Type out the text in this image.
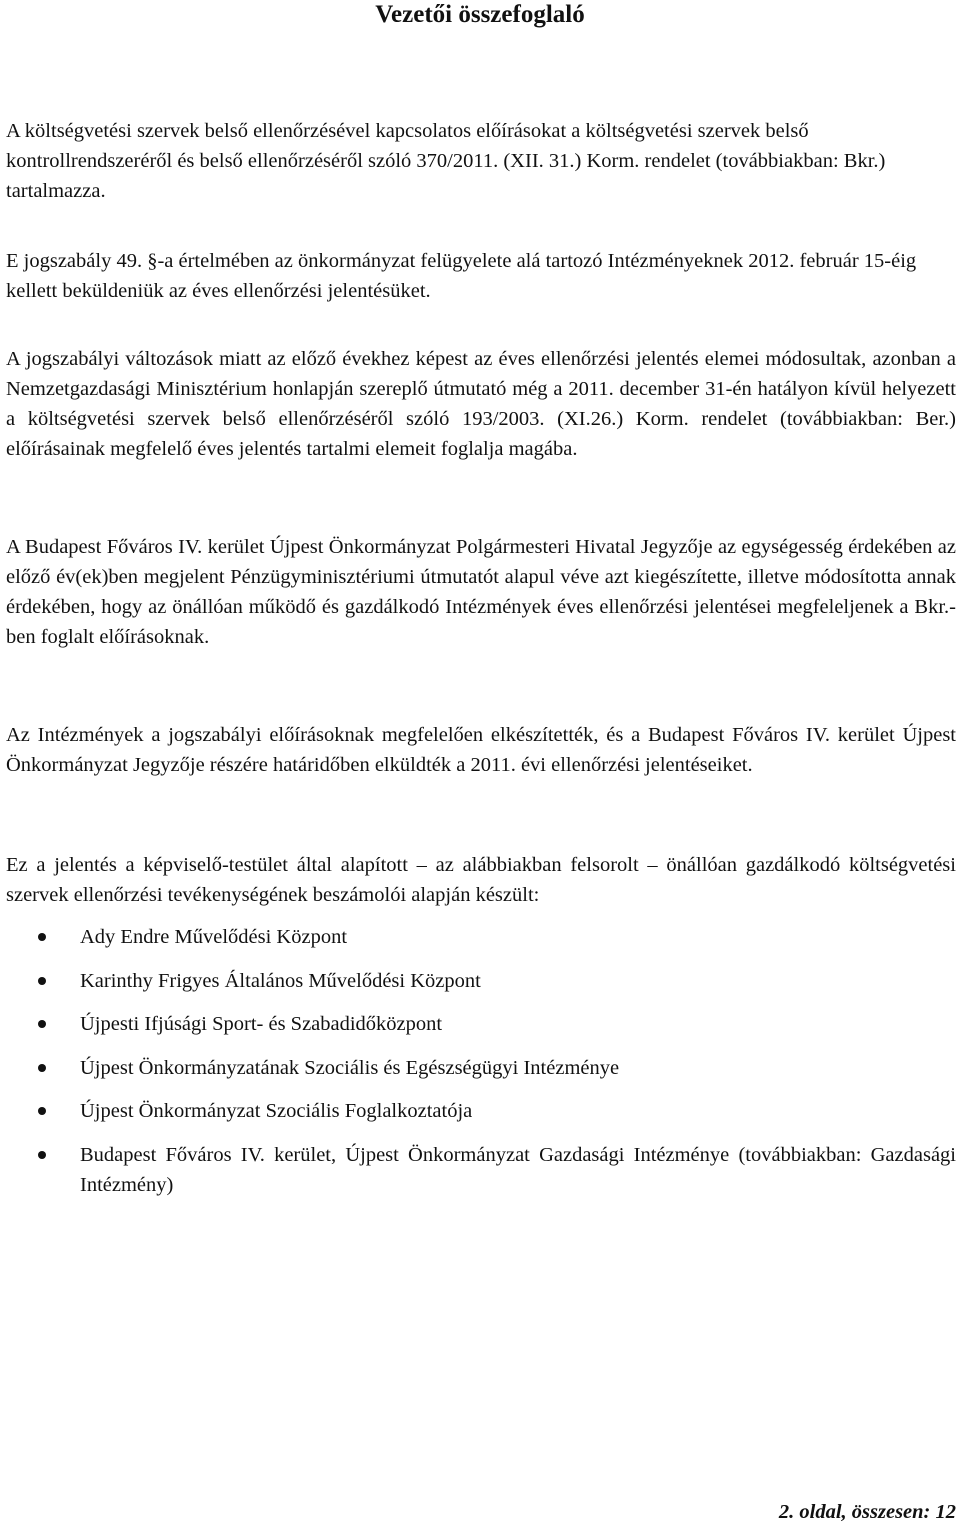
Vezetői összefoglaló

A költségvetési szervek belső ellenőrzésével kapcsolatos előírásokat a költségvetési szervek belső kontrollrendszeréről és belső ellenőrzéséről szóló 370/2011. (XII. 31.) Korm. rendelet (továbbiakban: Bkr.) tartalmazza.

E jogszabály 49. §-a értelmében az önkormányzat felügyelete alá tartozó Intézményeknek 2012. február 15-éig kellett beküldeniük az éves ellenőrzési jelentésüket.

A jogszabályi változások miatt az előző évekhez képest az éves ellenőrzési jelentés elemei módosultak, azonban a Nemzetgazdasági Minisztérium honlapján szereplő útmutató még a 2011. december 31-én hatályon kívül helyezett a költségvetési szervek belső ellenőrzéséről szóló 193/2003. (XI.26.) Korm. rendelet (továbbiakban: Ber.) előírásainak megfelelő éves jelentés tartalmi elemeit foglalja magába.

A Budapest Főváros IV. kerület Újpest Önkormányzat Polgármesteri Hivatal Jegyzője az egységesség érdekében az előző év(ek)ben megjelent Pénzügyminisztériumi útmutatót alapul véve azt kiegészítette, illetve módosította annak érdekében, hogy az önállóan működő és gazdálkodó Intézmények éves ellenőrzési jelentései megfeleljenek a Bkr.-ben foglalt előírásoknak.

Az Intézmények a jogszabályi előírásoknak megfelelően elkészítették, és a Budapest Főváros IV. kerület Újpest Önkormányzat Jegyzője részére határidőben elküldték a 2011. évi ellenőrzési jelentéseiket.

Ez a jelentés a képviselő-testület által alapított – az alábbiakban felsorolt – önállóan gazdálkodó költségvetési szervek ellenőrzési tevékenységének beszámolói alapján készült:

Ady Endre Művelődési Központ
Karinthy Frigyes Általános Művelődési Központ
Újpesti Ifjúsági Sport- és Szabadidőközpont
Újpest Önkormányzatának Szociális és Egészségügyi Intézménye
Újpest Önkormányzat Szociális Foglalkoztatója
Budapest Főváros IV. kerület, Újpest Önkormányzat Gazdasági Intézménye (továbbiakban: Gazdasági Intézmény)

2. oldal, összesen: 12
